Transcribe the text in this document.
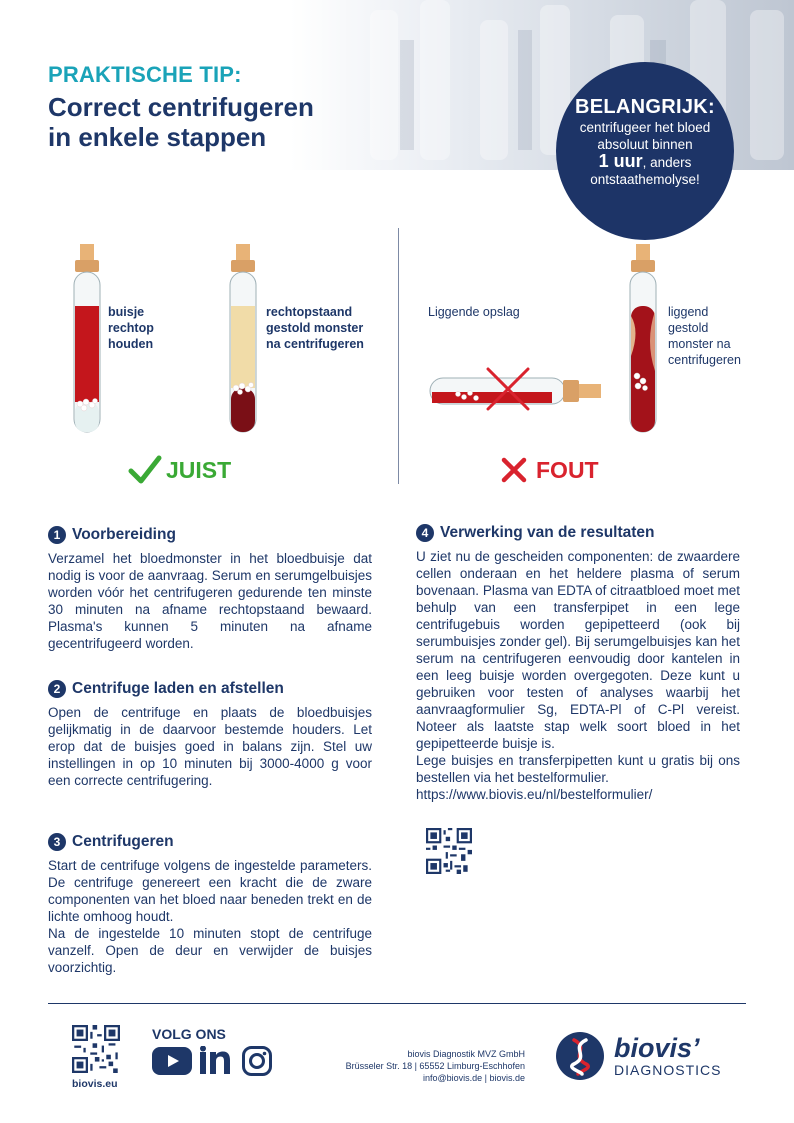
PRAKTISCHE TIP:
Correct centrifugeren
in enkele stappen
BELANGRIJK:
centrifugeer het bloed
absoluut binnen
1 uur, anders
ontstaathemolyse!
buisje
rechtop
houden
rechtopstaand
gestold monster
na centrifugeren
Liggende opslag	liggend
gestold
monster na
centrifugeren
JUIST	FOUT
1 Voorbereiding

Verzamel het bloedmonster in het bloedbuisje dat nodig is voor de aanvraag. Serum en serumgelbuisjes worden vóór het centrifugeren gedurende ten minste 30 minuten na afname rechtopstaand bewaard. Plasma's kunnen 5 minuten na afname gecentrifugeerd worden.

2 Centrifuge laden en afstellen

Open de centrifuge en plaats de bloedbuisjes gelijkmatig in de daarvoor bestemde houders. Let erop dat de buisjes goed in balans zijn. Stel uw instellingen in op 10 minuten bij 3000-4000 g voor een correcte centrifugering.

3 Centrifugeren

Start de centrifuge volgens de ingestelde parameters. De centrifuge genereert een kracht die de zware componenten van het bloed naar beneden trekt en de lichte omhoog houdt.

Na de ingestelde 10 minuten stopt de centrifuge vanzelf. Open de deur en verwijder de buisjes voorzichtig.

4 Verwerking van de resultaten

U ziet nu de gescheiden componenten: de zwaardere cellen onderaan en het heldere plasma of serum bovenaan. Plasma van EDTA of citraatbloed moet met behulp van een transferpipet in een lege centrifugebuis worden gepipetteerd (ook bij serumbuisjes zonder gel). Bij serumgelbuisjes kan het serum na centrifugeren eenvoudig door kantelen in een leeg buisje worden overgegoten. Deze kunt u gebruiken voor testen of analyses waarbij het aanvraagformulier Sg, EDTA-Pl of C-Pl vereist. Noteer als laatste stap welk soort bloed in het gepipetteerde buisje is.

Lege buisjes en transferpipetten kunt u gratis bij ons bestellen via het bestelformulier.

https://www.biovis.eu/nl/bestelformulier/

biovis.eu
VOLG ONS
biovis Diagnostik MVZ GmbH
Brüsseler Str. 18 | 65552 Limburg-Eschhofen
info@biovis.de | biovis.de
biovis’
DIAGNOSTICS
